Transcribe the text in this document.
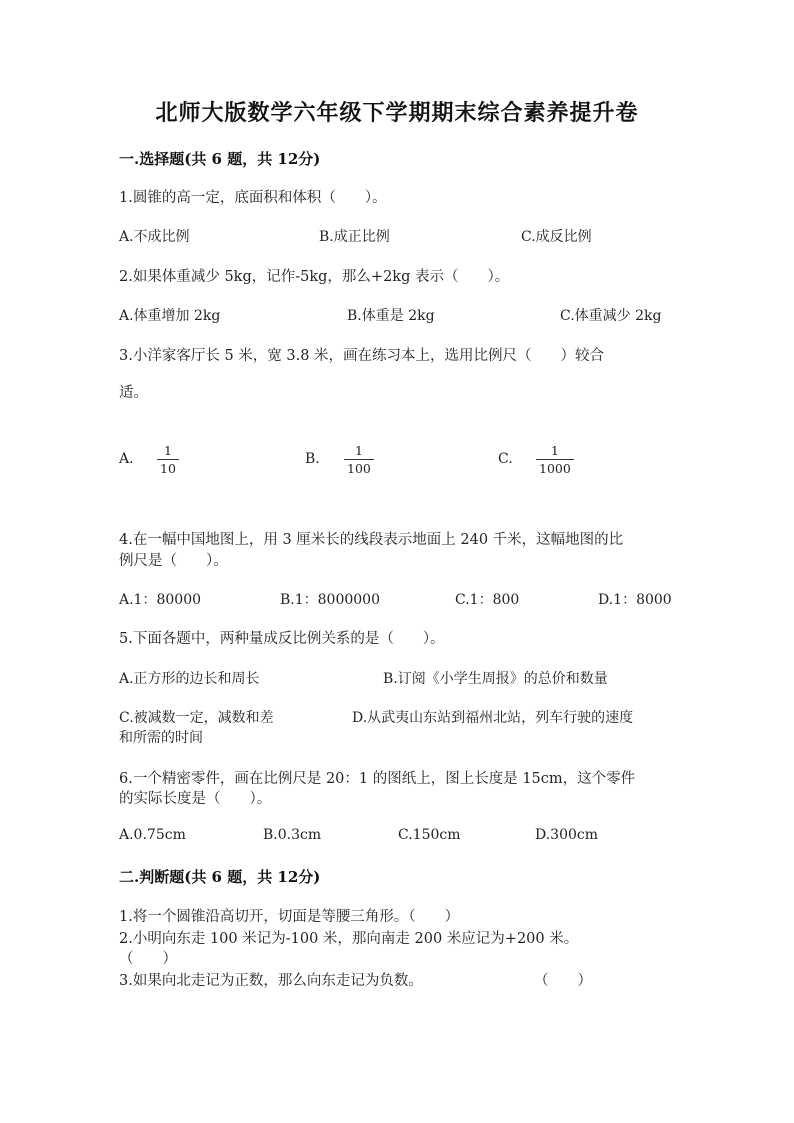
北师大版数学六年级下学期期末综合素养提升卷
一.选择题(共 6 题，共 12分)
1.圆锥的高一定，底面积和体积（　　）。
A.不成比例	B.成正比例	C.成反比例
2.如果体重减少 5kg，记作-5kg，那么+2kg 表示（　　）。
A.体重增加 2kg	B.体重是 2kg	C.体重减少 2kg
3.小洋家客厅长 5 米，宽 3.8 米，画在练习本上，选用比例尺（　　）较合
适。
A.
1
10
B.
1
100
C.
1
1000
4.在一幅中国地图上，用 3 厘米长的线段表示地面上 240 千米，这幅地图的比
例尺是（　　）。
A.1：80000	B.1：8000000	C.1：800	D.1：8000
5.下面各题中，两种量成反比例关系的是（　　）。
A.正方形的边长和周长	B.订阅《小学生周报》的总价和数量
C.被减数一定，减数和差	D.从武夷山东站到福州北站，列车行驶的速度
和所需的时间
6.一个精密零件，画在比例尺是 20：1 的图纸上，图上长度是 15cm，这个零件
的实际长度是（　　）。
A.0.75cm	B.0.3cm	C.150cm	D.300cm
二.判断题(共 6 题，共 12分)
1.将一个圆锥沿高切开，切面是等腰三角形。（　　）
2.小明向东走 100 米记为-100 米，那向南走 200 米应记为+200 米。
（　　）
3.如果向北走记为正数，那么向东走记为负数。	（　　）
